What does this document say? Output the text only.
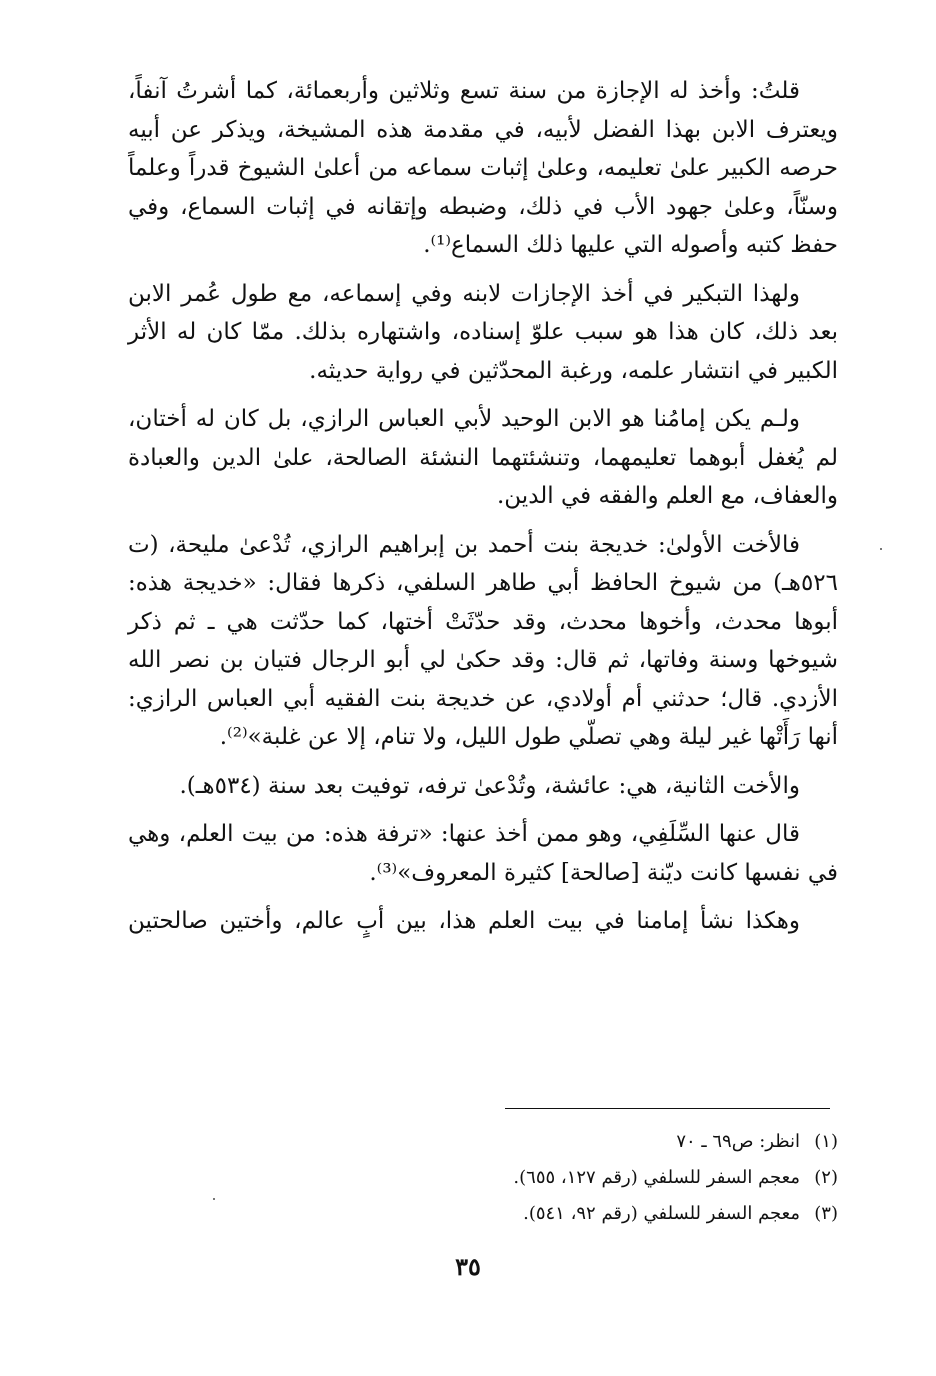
قلتُ: وأخذ له الإجازة من سنة تسع وثلاثين وأربعمائة، كما أشرتُ آنفاً، ويعترف الابن بهذا الفضل لأبيه، في مقدمة هذه المشيخة، ويذكر عن أبيه حرصه الكبير علىٰ تعليمه، وعلىٰ إثبات سماعه من أعلىٰ الشيوخ قدراً وعلماً وسنّاً، وعلىٰ جهود الأب في ذلك، وضبطه وإتقانه في إثبات السماع، وفي حفظ كتبه وأصوله التي عليها ذلك السماع⁽¹⁾.

ولهذا التبكير في أخذ الإجازات لابنه وفي إسماعه، مع طول عُمر الابن بعد ذلك، كان هذا هو سبب علوّ إسناده، واشتهاره بذلك. ممّا كان له الأثر الكبير في انتشار علمه، ورغبة المحدّثين في رواية حديثه.

ولـم يكن إمامُنا هو الابن الوحيد لأبي العباس الرازي، بل كان له أختان، لم يُغفل أبوهما تعليمهما، وتنشئتهما النشئة الصالحة، علىٰ الدين والعبادة والعفاف، مع العلم والفقه في الدين.

فالأخت الأولىٰ: خديجة بنت أحمد بن إبراهيم الرازي، تُدْعىٰ مليحة، (ت ٥٢٦هـ) من شيوخ الحافظ أبي طاهر السلفي، ذكرها فقال: «خديجة هذه: أبوها محدث، وأخوها محدث، وقد حدّثَتْ أختها، كما حدّثت هي ـ ثم ذكر شيوخها وسنة وفاتها، ثم قال: وقد حكىٰ لي أبو الرجال فتيان بن نصر الله الأزدي. قال؛ حدثني أم أولادي، عن خديجة بنت الفقيه أبي العباس الرازي: أنها رَأَتْها غير ليلة وهي تصلّي طول الليل، ولا تنام، إلا عن غلبة»⁽²⁾.

والأخت الثانية، هي: عائشة، وتُدْعىٰ ترفه، توفيت بعد سنة (٥٣٤هـ).

قال عنها السِّلَفِي، وهو ممن أخذ عنها: «ترفة هذه: من بيت العلم، وهي في نفسها كانت ديّنة [صالحة] كثيرة المعروف»⁽³⁾.

وهكذا نشأ إمامنا في بيت العلم هذا، بين أبٍ عالم، وأختين صالحتين

(١)
انظر: ص٦٩ ـ ٧٠
(٢)
معجم السفر للسلفي (رقم ١٢٧، ٦٥٥).
(٣)
معجم السفر للسلفي (رقم ٩٢، ٥٤١).
٣٥
